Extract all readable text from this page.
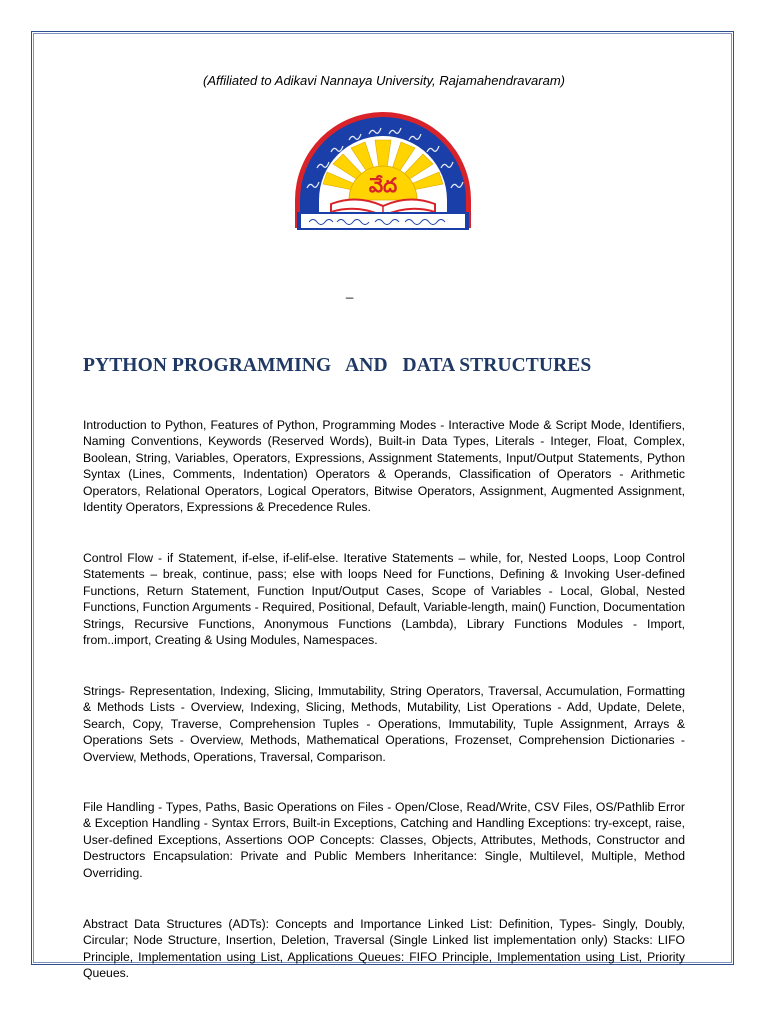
(Affiliated to Adikavi Nannaya University, Rajamahendravaram)
వేద
_
PYTHON PROGRAMMING   AND   DATA STRUCTURES

Introduction to Python, Features of Python, Programming Modes - Interactive Mode & Script Mode, Identifiers, Naming Conventions, Keywords (Reserved Words), Built-in Data Types, Literals - Integer, Float, Complex, Boolean, String, Variables, Operators, Expressions, Assignment Statements, Input/Output Statements, Python Syntax (Lines, Comments, Indentation) Operators & Operands, Classification of Operators - Arithmetic Operators, Relational Operators, Logical Operators, Bitwise Operators, Assignment, Augmented Assignment, Identity Operators, Expressions & Precedence Rules.

Control Flow - if Statement, if-else, if-elif-else. Iterative Statements – while, for, Nested Loops, Loop Control Statements – break, continue, pass; else with loops Need for Functions, Defining & Invoking User-defined Functions, Return Statement, Function Input/Output Cases, Scope of Variables - Local, Global, Nested Functions, Function Arguments - Required, Positional, Default, Variable-length, main() Function, Documentation Strings, Recursive Functions, Anonymous Functions (Lambda), Library Functions Modules - Import, from..import, Creating & Using Modules, Namespaces.

Strings- Representation, Indexing, Slicing, Immutability, String Operators, Traversal, Accumulation, Formatting & Methods Lists - Overview, Indexing, Slicing, Methods, Mutability, List Operations - Add, Update, Delete, Search, Copy, Traverse, Comprehension Tuples - Operations, Immutability, Tuple Assignment, Arrays & Operations Sets - Overview, Methods, Mathematical Operations, Frozenset, Comprehension Dictionaries - Overview, Methods, Operations, Traversal, Comparison.

File Handling - Types, Paths, Basic Operations on Files - Open/Close, Read/Write, CSV Files, OS/Pathlib Error & Exception Handling - Syntax Errors, Built-in Exceptions, Catching and Handling Exceptions: try-except, raise, User-defined Exceptions, Assertions OOP Concepts: Classes, Objects, Attributes, Methods, Constructor and Destructors Encapsulation: Private and Public Members Inheritance: Single, Multilevel, Multiple, Method Overriding.

Abstract Data Structures (ADTs): Concepts and Importance Linked List: Definition, Types- Singly, Doubly, Circular; Node Structure, Insertion, Deletion, Traversal (Single Linked list implementation only) Stacks: LIFO Principle, Implementation using List, Applications Queues: FIFO Principle, Implementation using List, Priority Queues.
